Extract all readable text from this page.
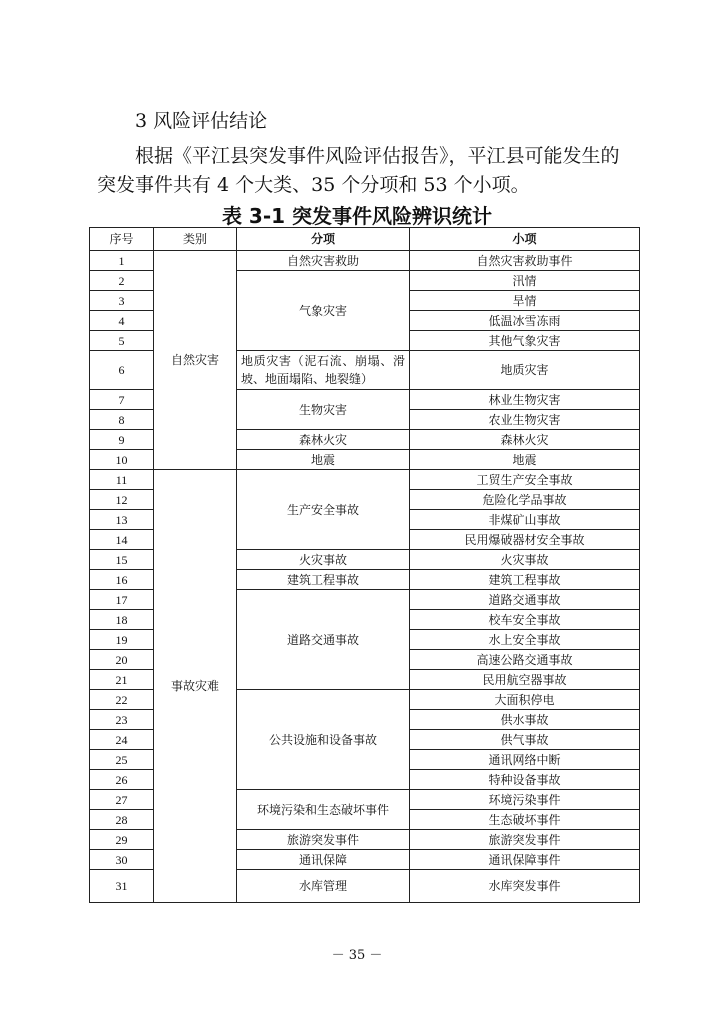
3 风险评估结论
根据《平江县突发事件风险评估报告》，平江县可能发生的
突发事件共有 4 个大类、35 个分项和 53 个小项。
表 3-1 突发事件风险辨识统计
序号	类别	分项	小项
1	自然灾害	自然灾害救助	自然灾害救助事件
2		气象灾害	汛情
3			旱情
4			低温冰雪冻雨
5			其他气象灾害
6		地质灾害（泥石流、崩塌、滑坡、地面塌陷、地裂缝）	地质灾害
7		生物灾害	林业生物灾害
8			农业生物灾害
9		森林火灾	森林火灾
10		地震	地震
11	事故灾难	生产安全事故	工贸生产安全事故
12			危险化学品事故
13			非煤矿山事故
14			民用爆破器材安全事故
15		火灾事故	火灾事故
16		建筑工程事故	建筑工程事故
17		道路交通事故	道路交通事故
18			校车安全事故
19			水上安全事故
20			高速公路交通事故
21			民用航空器事故
22		公共设施和设备事故	大面积停电
23			供水事故
24			供气事故
25			通讯网络中断
26			特种设备事故
27		环境污染和生态破坏事件	环境污染事件
28			生态破坏事件
29		旅游突发事件	旅游突发事件
30		通讯保障	通讯保障事件
31		水库管理	水库突发事件
－ 35 －
